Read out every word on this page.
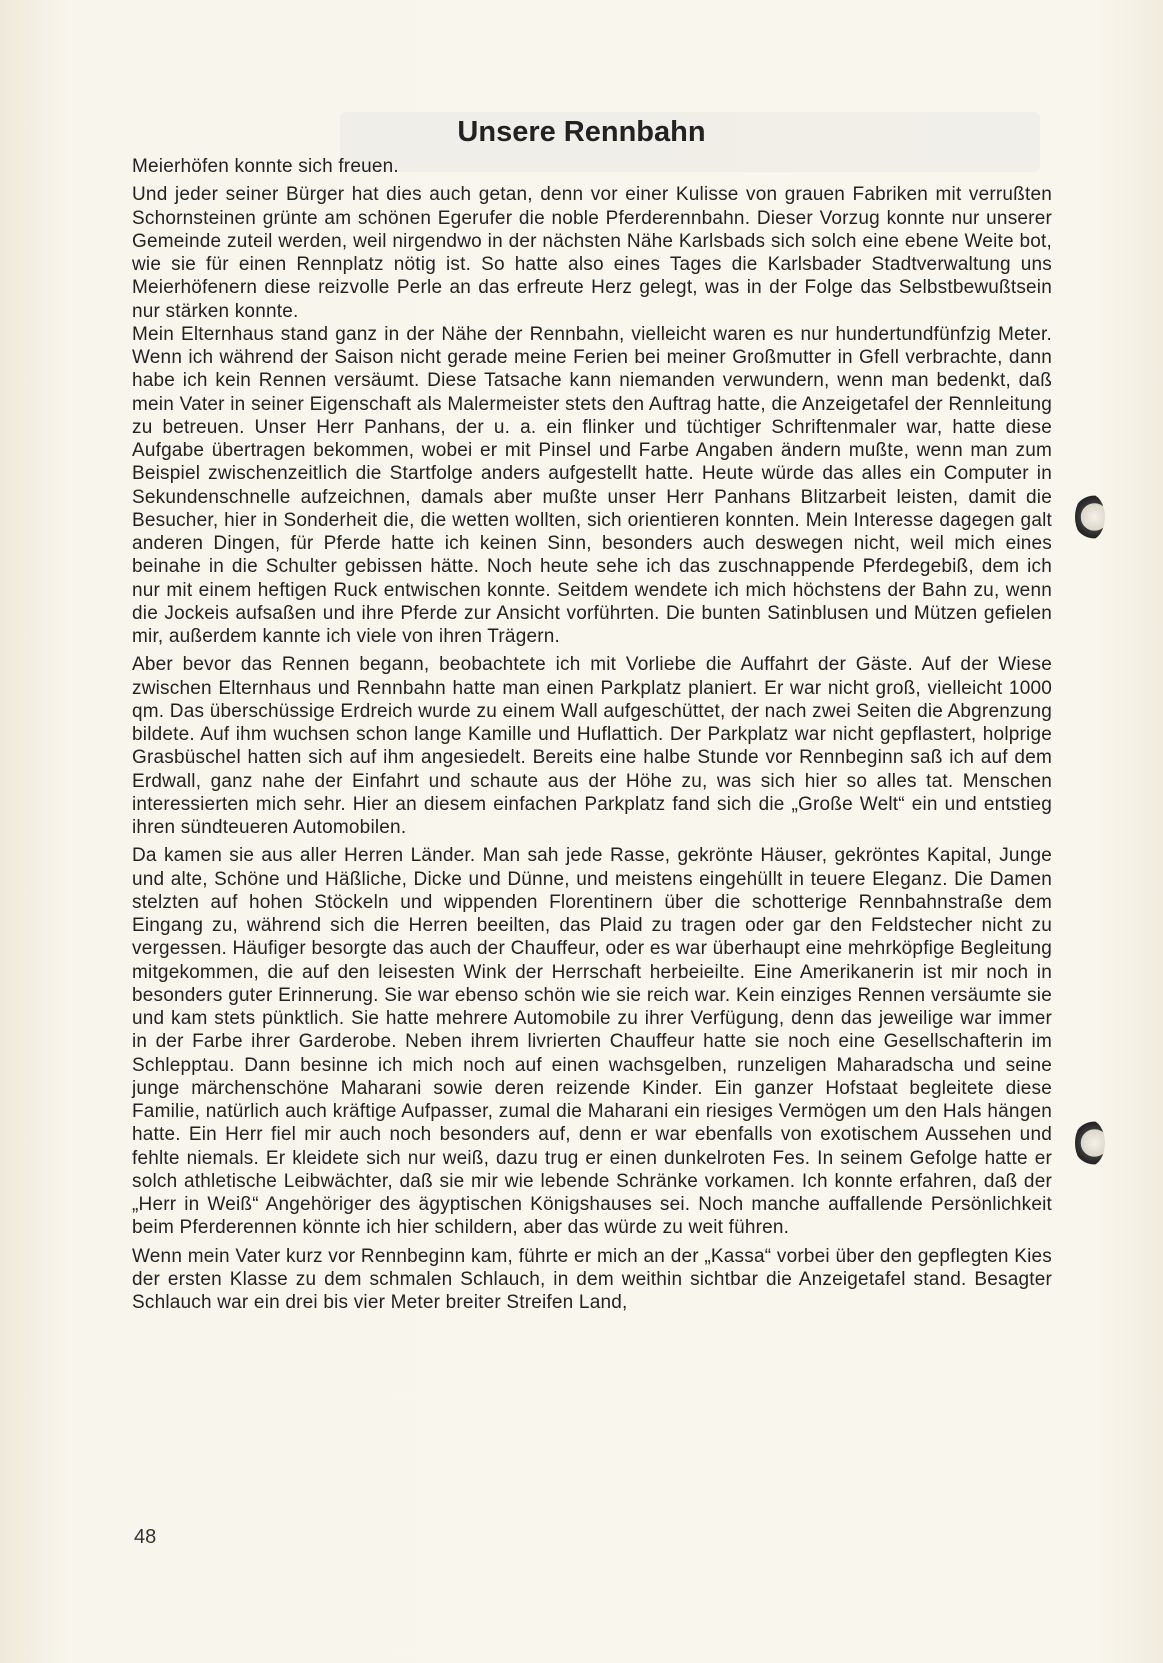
Unsere Rennbahn

Meierhöfen konnte sich freuen.

Und jeder seiner Bürger hat dies auch getan, denn vor einer Kulisse von grauen Fabriken mit verrußten Schornsteinen grünte am schönen Egerufer die noble Pferderennbahn. Dieser Vorzug konnte nur unserer Gemeinde zuteil werden, weil nirgendwo in der nächsten Nähe Karlsbads sich solch eine ebene Weite bot, wie sie für einen Rennplatz nötig ist. So hatte also eines Tages die Karlsbader Stadtverwaltung uns Meierhöfenern diese reizvolle Perle an das erfreute Herz gelegt, was in der Folge das Selbstbewußtsein nur stärken konnte.

Mein Elternhaus stand ganz in der Nähe der Rennbahn, vielleicht waren es nur hundertundfünfzig Meter. Wenn ich während der Saison nicht gerade meine Ferien bei meiner Großmutter in Gfell verbrachte, dann habe ich kein Rennen versäumt. Diese Tatsache kann niemanden verwundern, wenn man bedenkt, daß mein Vater in seiner Eigenschaft als Malermeister stets den Auftrag hatte, die Anzeigetafel der Rennleitung zu betreuen. Unser Herr Panhans, der u. a. ein flinker und tüchtiger Schriftenmaler war, hatte diese Aufgabe übertragen bekommen, wobei er mit Pinsel und Farbe Angaben ändern mußte, wenn man zum Beispiel zwischenzeitlich die Startfolge anders aufgestellt hatte. Heute würde das alles ein Computer in Sekundenschnelle aufzeichnen, damals aber mußte unser Herr Panhans Blitzarbeit leisten, damit die Besucher, hier in Sonderheit die, die wetten wollten, sich orientieren konnten. Mein Interesse dagegen galt anderen Dingen, für Pferde hatte ich keinen Sinn, besonders auch deswegen nicht, weil mich eines beinahe in die Schulter gebissen hätte. Noch heute sehe ich das zuschnappende Pferdegebiß, dem ich nur mit einem heftigen Ruck entwischen konnte. Seitdem wendete ich mich höchstens der Bahn zu, wenn die Jockeis aufsaßen und ihre Pferde zur Ansicht vorführten. Die bunten Satinblusen und Mützen gefielen mir, außerdem kannte ich viele von ihren Trägern.

Aber bevor das Rennen begann, beobachtete ich mit Vorliebe die Auffahrt der Gäste. Auf der Wiese zwischen Elternhaus und Rennbahn hatte man einen Parkplatz planiert. Er war nicht groß, vielleicht 1000 qm. Das überschüssige Erdreich wurde zu einem Wall aufgeschüttet, der nach zwei Seiten die Abgrenzung bildete. Auf ihm wuchsen schon lange Kamille und Huflattich. Der Parkplatz war nicht gepflastert, holprige Grasbüschel hatten sich auf ihm angesiedelt. Bereits eine halbe Stunde vor Rennbeginn saß ich auf dem Erdwall, ganz nahe der Einfahrt und schaute aus der Höhe zu, was sich hier so alles tat. Menschen interessierten mich sehr. Hier an diesem einfachen Parkplatz fand sich die „Große Welt“ ein und entstieg ihren sündteueren Automobilen.

Da kamen sie aus aller Herren Länder. Man sah jede Rasse, gekrönte Häuser, gekröntes Kapital, Junge und alte, Schöne und Häßliche, Dicke und Dünne, und meistens eingehüllt in teuere Eleganz. Die Damen stelzten auf hohen Stöckeln und wippenden Florentinern über die schotterige Rennbahnstraße dem Eingang zu, während sich die Herren beeilten, das Plaid zu tragen oder gar den Feldstecher nicht zu vergessen. Häufiger besorgte das auch der Chauffeur, oder es war überhaupt eine mehrköpfige Begleitung mitgekommen, die auf den leisesten Wink der Herrschaft herbeieilte. Eine Amerikanerin ist mir noch in besonders guter Erinnerung. Sie war ebenso schön wie sie reich war. Kein einziges Rennen versäumte sie und kam stets pünktlich. Sie hatte mehrere Automobile zu ihrer Verfügung, denn das jeweilige war immer in der Farbe ihrer Garderobe. Neben ihrem livrierten Chauffeur hatte sie noch eine Gesellschafterin im Schlepptau. Dann besinne ich mich noch auf einen wachsgelben, runzeligen Maharadscha und seine junge märchenschöne Maharani sowie deren reizende Kinder. Ein ganzer Hofstaat begleitete diese Familie, natürlich auch kräftige Aufpasser, zumal die Maharani ein riesiges Vermögen um den Hals hängen hatte. Ein Herr fiel mir auch noch besonders auf, denn er war ebenfalls von exotischem Aussehen und fehlte niemals. Er kleidete sich nur weiß, dazu trug er einen dunkelroten Fes. In seinem Gefolge hatte er solch athletische Leibwächter, daß sie mir wie lebende Schränke vorkamen. Ich konnte erfahren, daß der „Herr in Weiß“ Angehöriger des ägyptischen Königshauses sei. Noch manche auffallende Persönlichkeit beim Pferderennen könnte ich hier schildern, aber das würde zu weit führen.

Wenn mein Vater kurz vor Rennbeginn kam, führte er mich an der „Kassa“ vorbei über den gepflegten Kies der ersten Klasse zu dem schmalen Schlauch, in dem weithin sichtbar die Anzeigetafel stand. Besagter Schlauch war ein drei bis vier Meter breiter Streifen Land,

48
